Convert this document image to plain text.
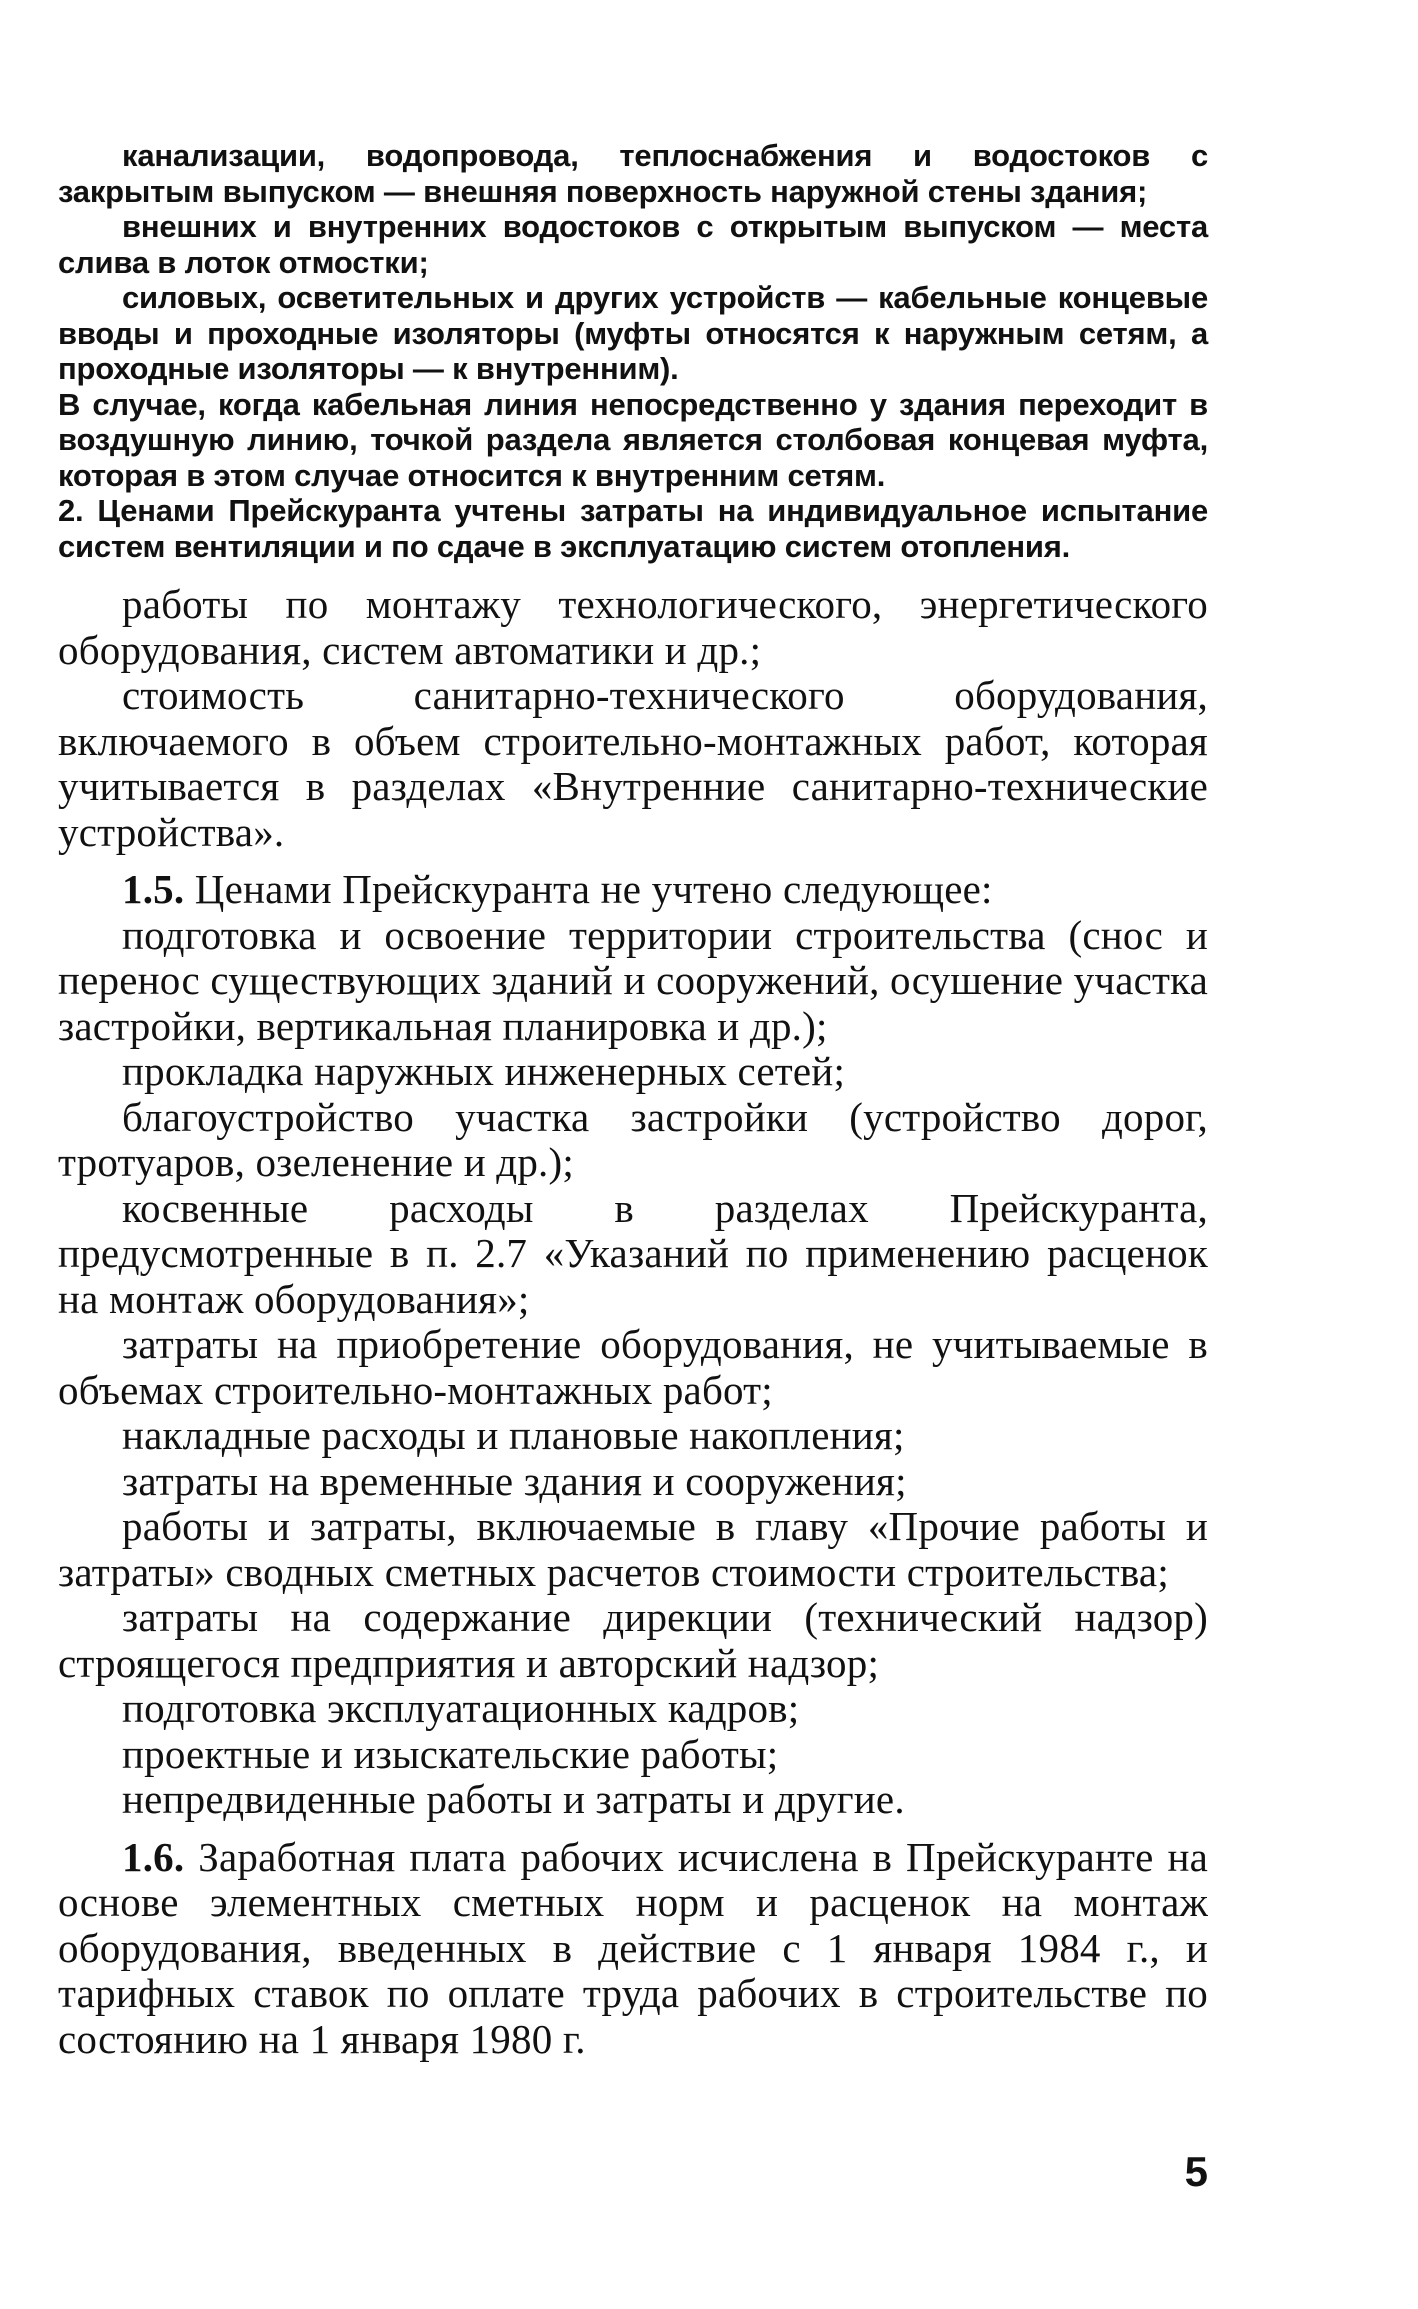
канализации, водопровода, теплоснабжения и водостоков с закрытым выпуском — внешняя поверхность наружной стены здания;

внешних и внутренних водостоков с открытым выпуском — места слива в лоток отмостки;

силовых, осветительных и других устройств — кабельные концевые вводы и проходные изоляторы (муфты относятся к наружным сетям, а проходные изоляторы — к внутренним).

В случае, когда кабельная линия непосредственно у здания переходит в воздушную линию, точкой раздела является столбовая концевая муфта, которая в этом случае относится к внутренним сетям.

2. Ценами Прейскуранта учтены затраты на индивидуальное испытание систем вентиляции и по сдаче в эксплуатацию систем отопления.

работы по монтажу технологического, энергетического оборудования, систем автоматики и др.;

стоимость санитарно-технического оборудования, включаемого в объем строительно-монтажных работ, которая учитывается в разделах «Внутренние санитарно-технические устройства».

1.5. Ценами Прейскуранта не учтено следующее:

подготовка и освоение территории строительства (снос и перенос существующих зданий и сооружений, осушение участка застройки, вертикальная планировка и др.);

прокладка наружных инженерных сетей;

благоустройство участка застройки (устройство дорог, тротуаров, озеленение и др.);

косвенные расходы в разделах Прейскуранта, предусмотренные в п. 2.7 «Указаний по применению расценок на монтаж оборудования»;

затраты на приобретение оборудования, не учитываемые в объемах строительно-монтажных работ;

накладные расходы и плановые накопления;

затраты на временные здания и сооружения;

работы и затраты, включаемые в главу «Прочие работы и затраты» сводных сметных расчетов стоимости строительства;

затраты на содержание дирекции (технический надзор) строящегося предприятия и авторский надзор;

подготовка эксплуатационных кадров;

проектные и изыскательские работы;

непредвиденные работы и затраты и другие.

1.6. Заработная плата рабочих исчислена в Прейскуранте на основе элементных сметных норм и расценок на монтаж оборудования, введенных в действие с 1 января 1984 г., и тарифных ставок по оплате труда рабочих в строительстве по состоянию на 1 января 1980 г.

5
